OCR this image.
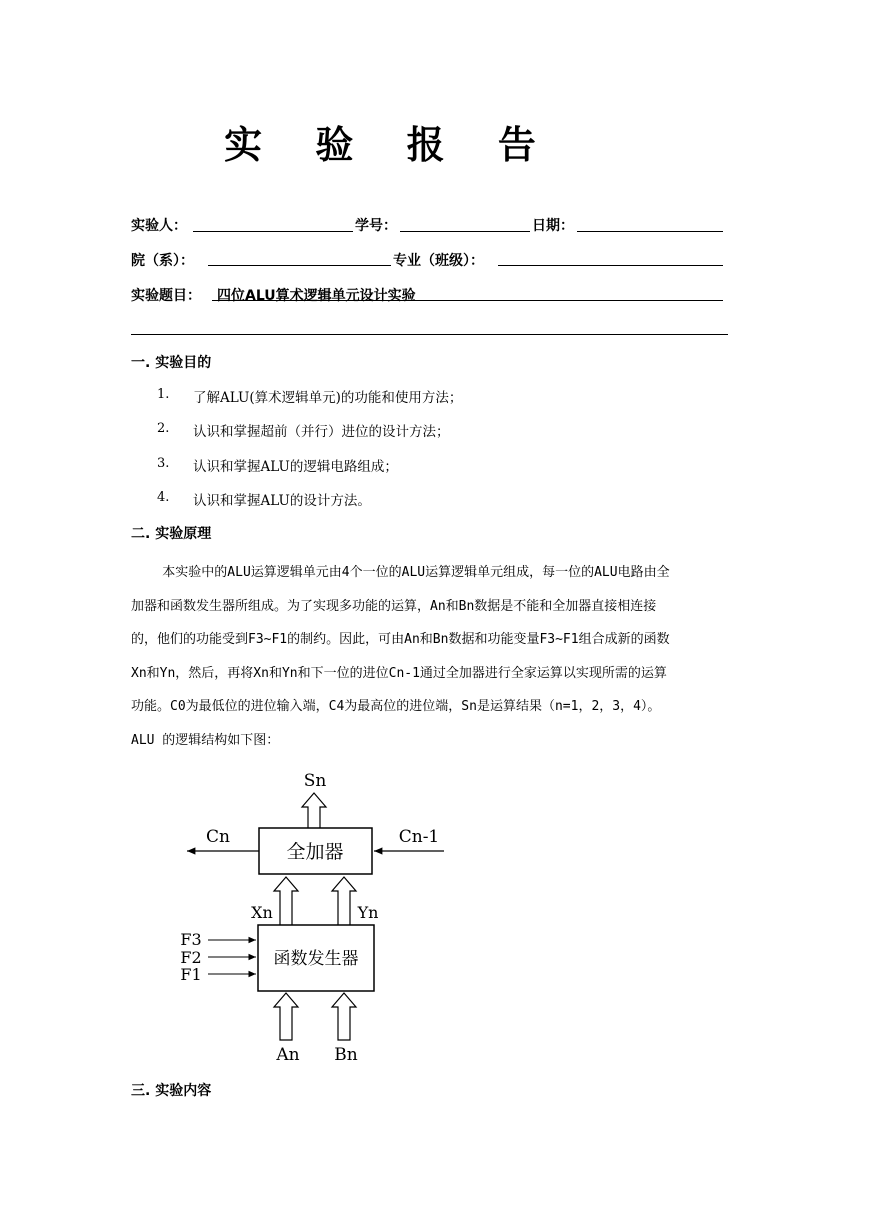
实 验 报 告
实验人：	学号：	日期：
院（系）：	专业（班级）：
实验题目： 四位ALU算术逻辑单元设计实验
一. 实验目的
1. 了解ALU(算术逻辑单元)的功能和使用方法；
2. 认识和掌握超前（并行）进位的设计方法；
3. 认识和掌握ALU的逻辑电路组成；
4. 认识和掌握ALU的设计方法。
二. 实验原理
本实验中的ALU运算逻辑单元由4个一位的ALU运算逻辑单元组成，每一位的ALU电路由全
加器和函数发生器所组成。为了实现多功能的运算，An和Bn数据是不能和全加器直接相连接
的，他们的功能受到F3~F1的制约。因此，可由An和Bn数据和功能变量F3~F1组合成新的函数
Xn和Yn，然后，再将Xn和Yn和下一位的进位Cn-1通过全加器进行全家运算以实现所需的运算
功能。C0为最低位的进位输入端，C4为最高位的进位端，Sn是运算结果（n=1，2，3，4）。
ALU 的逻辑结构如下图：
全加器
Sn
Cn	Cn-1
函数发生器
Xn	Yn
F3
F2
F1
An Bn
三. 实验内容
